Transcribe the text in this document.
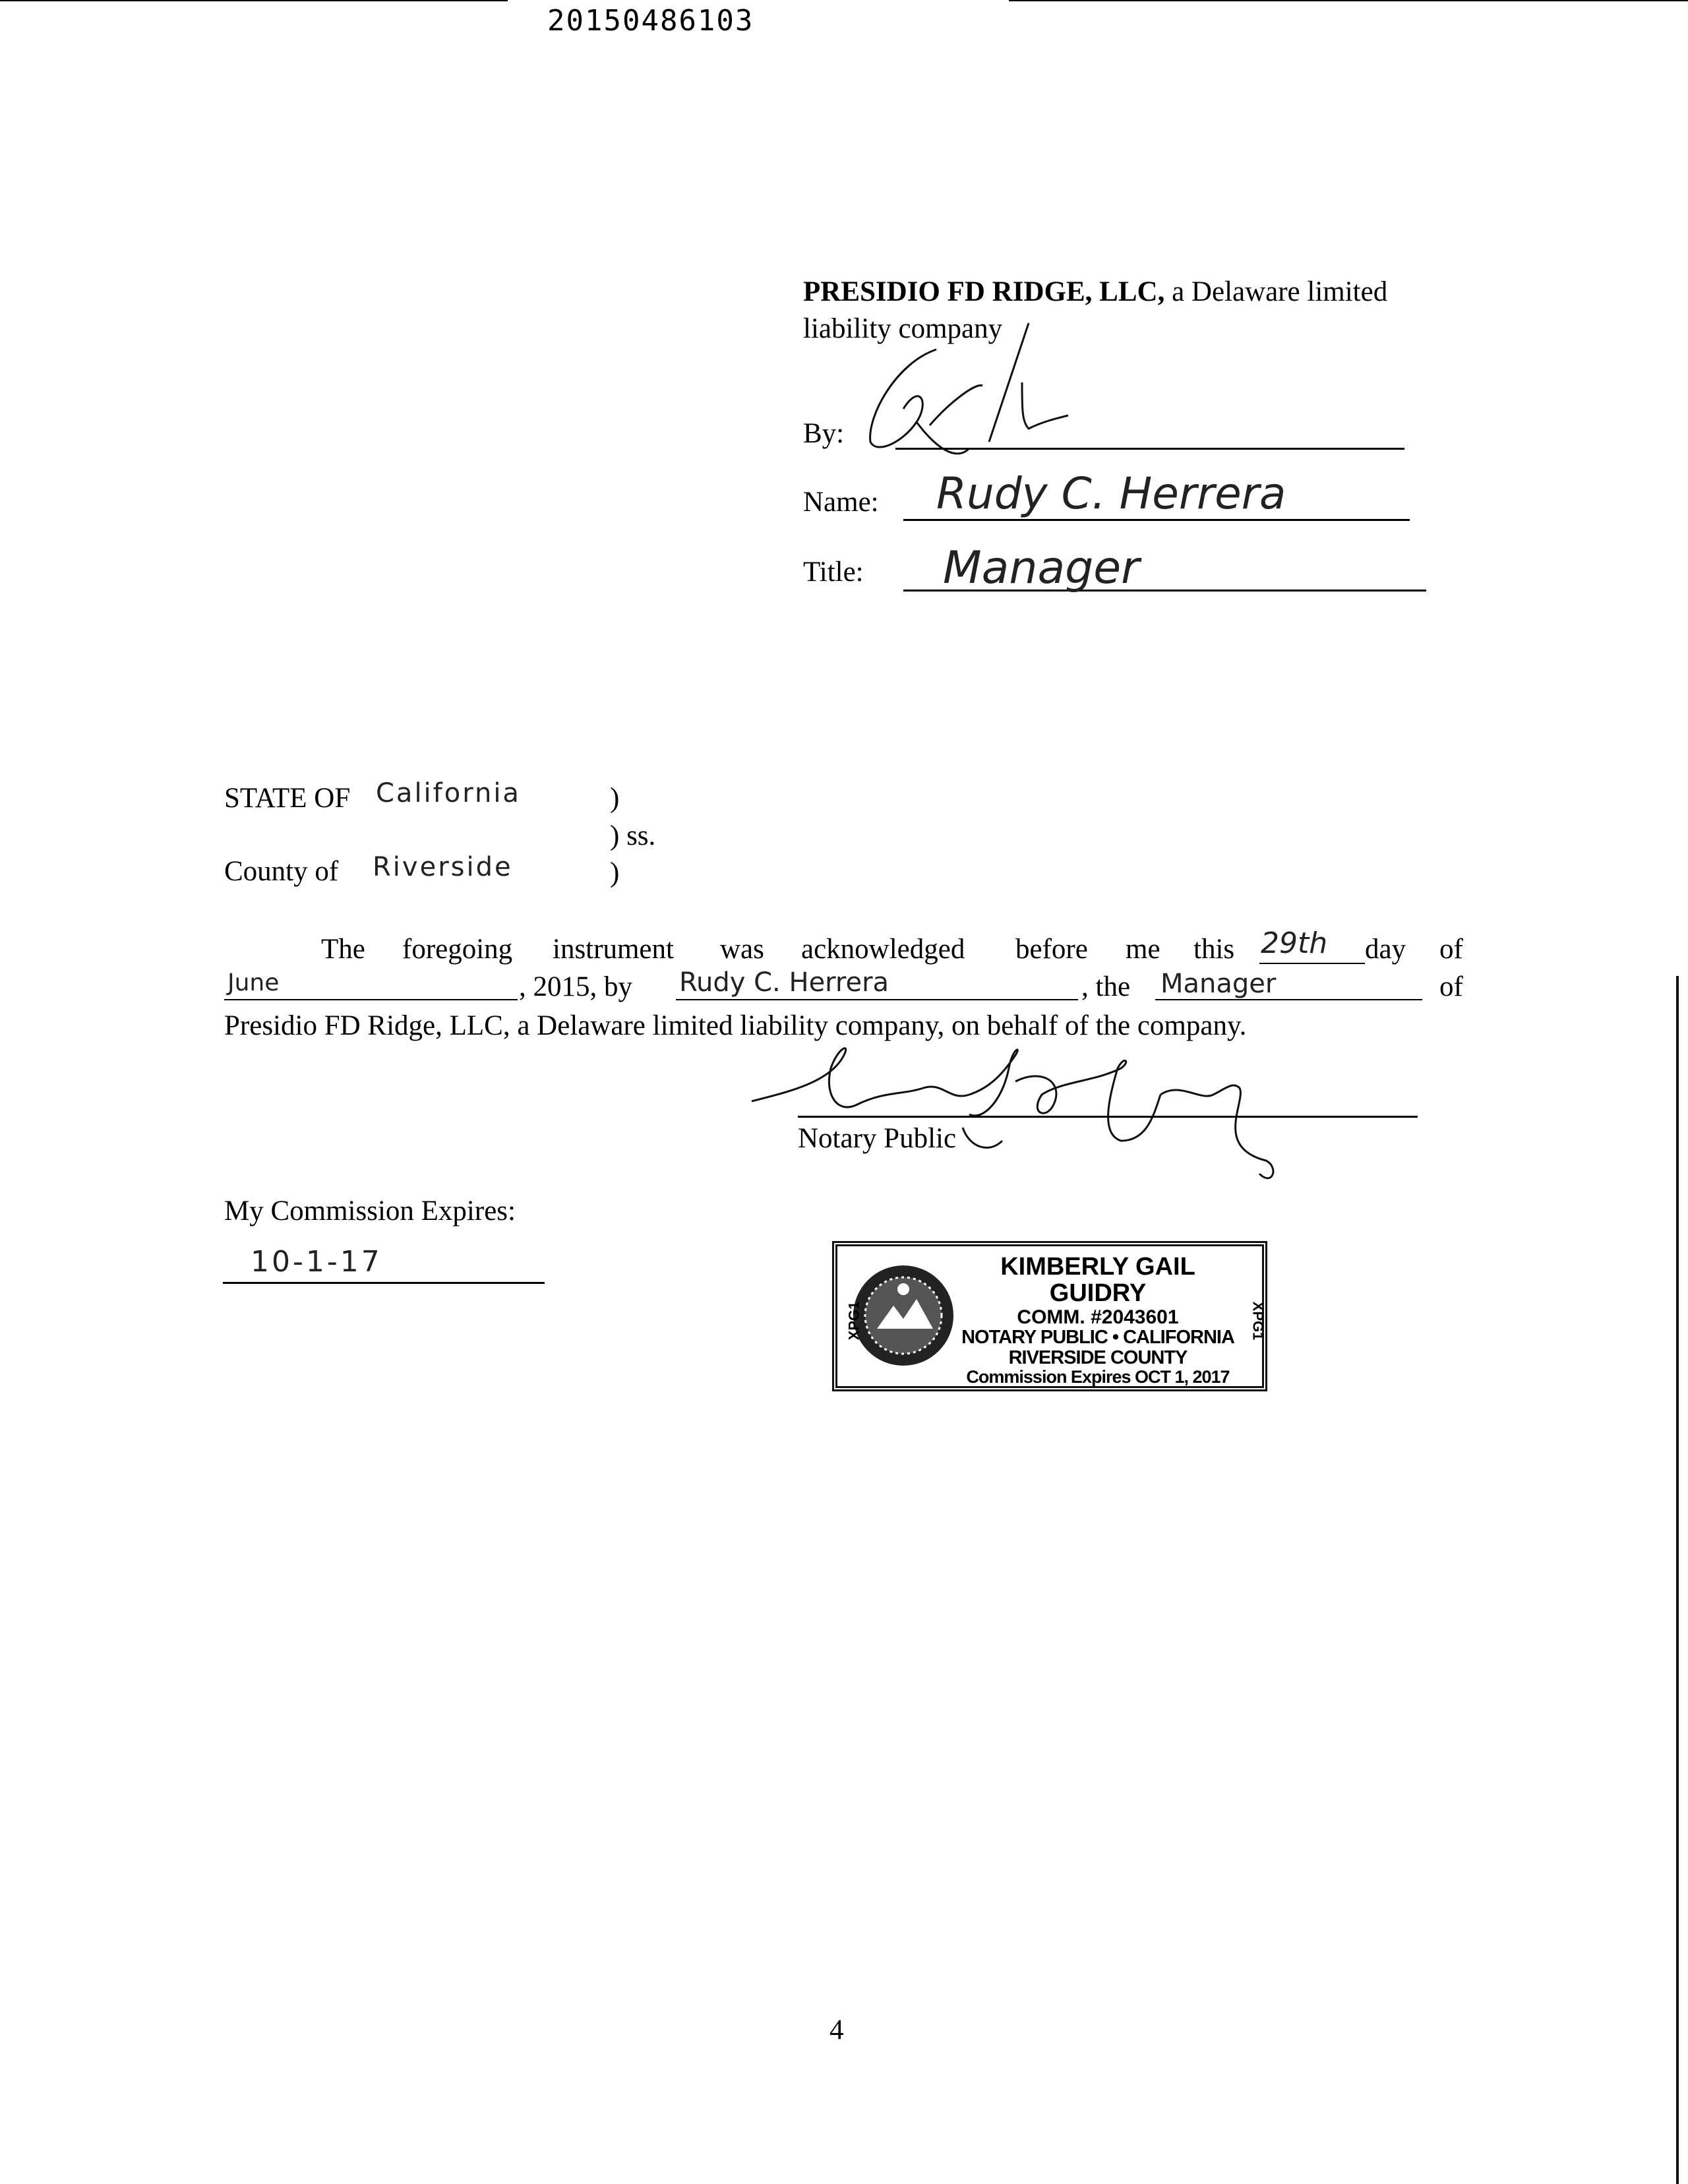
20150486103
PRESIDIO FD RIDGE, LLC, a Delaware limited
liability company
By:
Name: Rudy C. Herrera
Title: Manager
STATE OF California	)
) ss.
County of Riverside	)
The foregoing instrument was acknowledged before me this 29th day of
June	, 2015, by Rudy C. Herrera	, the Manager	of
Presidio FD Ridge, LLC, a Delaware limited liability company, on behalf of the company.
Notary Public
My Commission Expires:
10-1-17
XPG1	XPG1
KIMBERLY GAIL GUIDRY
COMM. #2043601
NOTARY PUBLIC • CALIFORNIA
RIVERSIDE COUNTY
Commission Expires OCT 1, 2017
4
